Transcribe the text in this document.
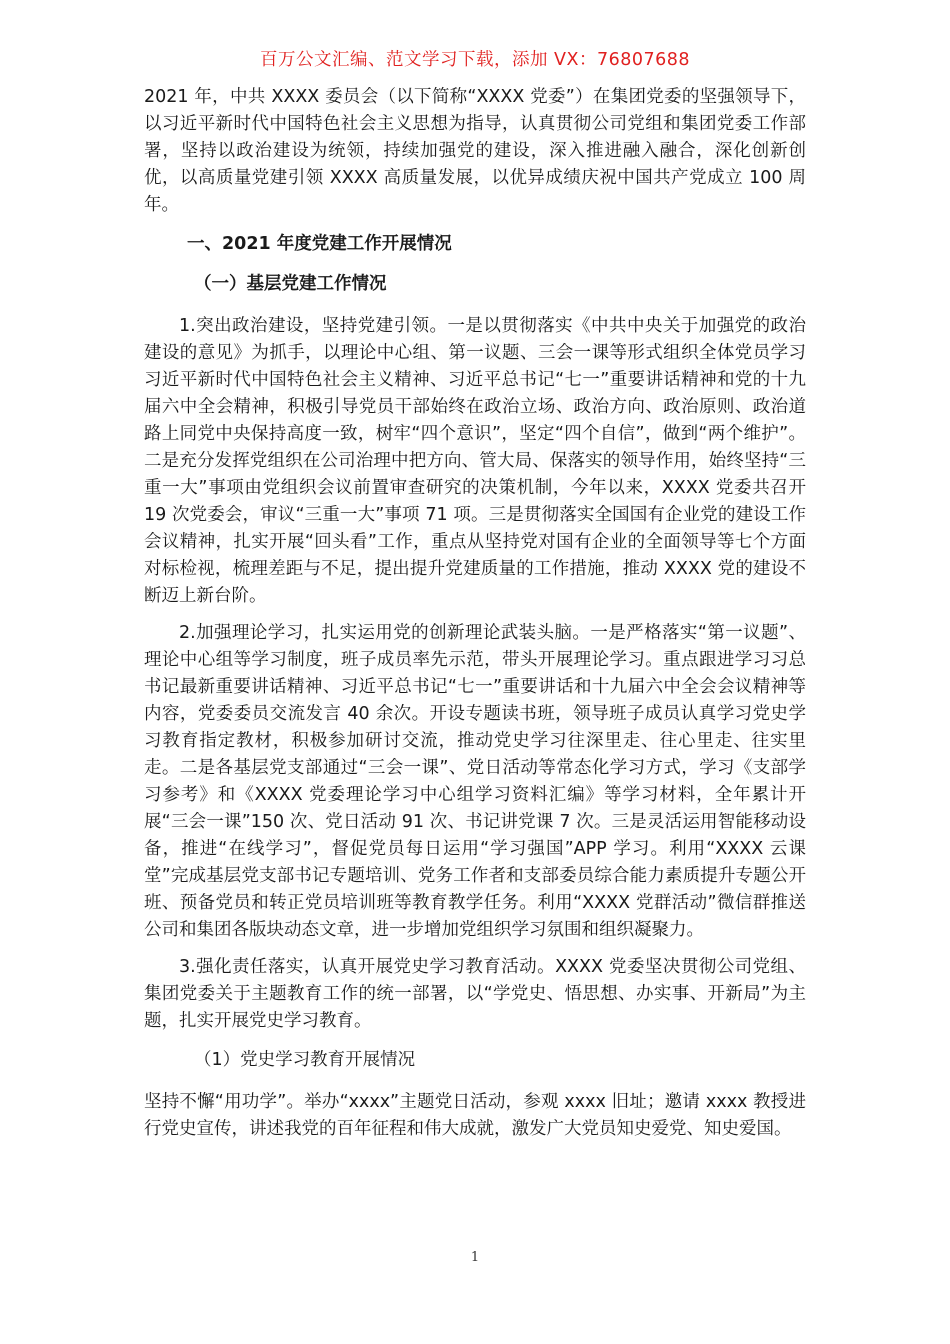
百万公文汇编、范文学习下载，添加 VX：76807688

2021 年，中共 XXXX 委员会（以下简称“XXXX 党委”）在集团党委的坚强领导下，以习近平新时代中国特色社会主义思想为指导，认真贯彻公司党组和集团党委工作部署，坚持以政治建设为统领，持续加强党的建设，深入推进融入融合，深化创新创优，以高质量党建引领 XXXX 高质量发展，以优异成绩庆祝中国共产党成立 100 周年。

一、2021 年度党建工作开展情况

（一）基层党建工作情况

1.突出政治建设，坚持党建引领。一是以贯彻落实《中共中央关于加强党的政治建设的意见》为抓手，以理论中心组、第一议题、三会一课等形式组织全体党员学习习近平新时代中国特色社会主义精神、习近平总书记“七一”重要讲话精神和党的十九届六中全会精神，积极引导党员干部始终在政治立场、政治方向、政治原则、政治道路上同党中央保持高度一致，树牢“四个意识”，坚定“四个自信”，做到“两个维护”。二是充分发挥党组织在公司治理中把方向、管大局、保落实的领导作用，始终坚持“三重一大”事项由党组织会议前置审查研究的决策机制，今年以来，XXXX 党委共召开 19 次党委会，审议“三重一大”事项 71 项。三是贯彻落实全国国有企业党的建设工作会议精神，扎实开展“回头看”工作，重点从坚持党对国有企业的全面领导等七个方面对标检视，梳理差距与不足，提出提升党建质量的工作措施，推动 XXXX 党的建设不断迈上新台阶。

2.加强理论学习，扎实运用党的创新理论武装头脑。一是严格落实“第一议题”、理论中心组等学习制度，班子成员率先示范，带头开展理论学习。重点跟进学习习总书记最新重要讲话精神、习近平总书记“七一”重要讲话和十九届六中全会会议精神等内容，党委委员交流发言 40 余次。开设专题读书班，领导班子成员认真学习党史学习教育指定教材，积极参加研讨交流，推动党史学习往深里走、往心里走、往实里走。二是各基层党支部通过“三会一课”、党日活动等常态化学习方式，学习《支部学习参考》和《XXXX 党委理论学习中心组学习资料汇编》等学习材料，全年累计开展“三会一课”150 次、党日活动 91 次、书记讲党课 7 次。三是灵活运用智能移动设备，推进“在线学习”，督促党员每日运用“学习强国”APP 学习。利用“XXXX 云课堂”完成基层党支部书记专题培训、党务工作者和支部委员综合能力素质提升专题公开班、预备党员和转正党员培训班等教育教学任务。利用“XXXX 党群活动”微信群推送公司和集团各版块动态文章，进一步增加党组织学习氛围和组织凝聚力。

3.强化责任落实，认真开展党史学习教育活动。XXXX 党委坚决贯彻公司党组、集团党委关于主题教育工作的统一部署，以“学党史、悟思想、办实事、开新局”为主题，扎实开展党史学习教育。

（1）党史学习教育开展情况

坚持不懈“用功学”。举办“xxxx”主题党日活动，参观 xxxx 旧址；邀请 xxxx 教授进行党史宣传，讲述我党的百年征程和伟大成就，激发广大党员知史爱党、知史爱国。

1
